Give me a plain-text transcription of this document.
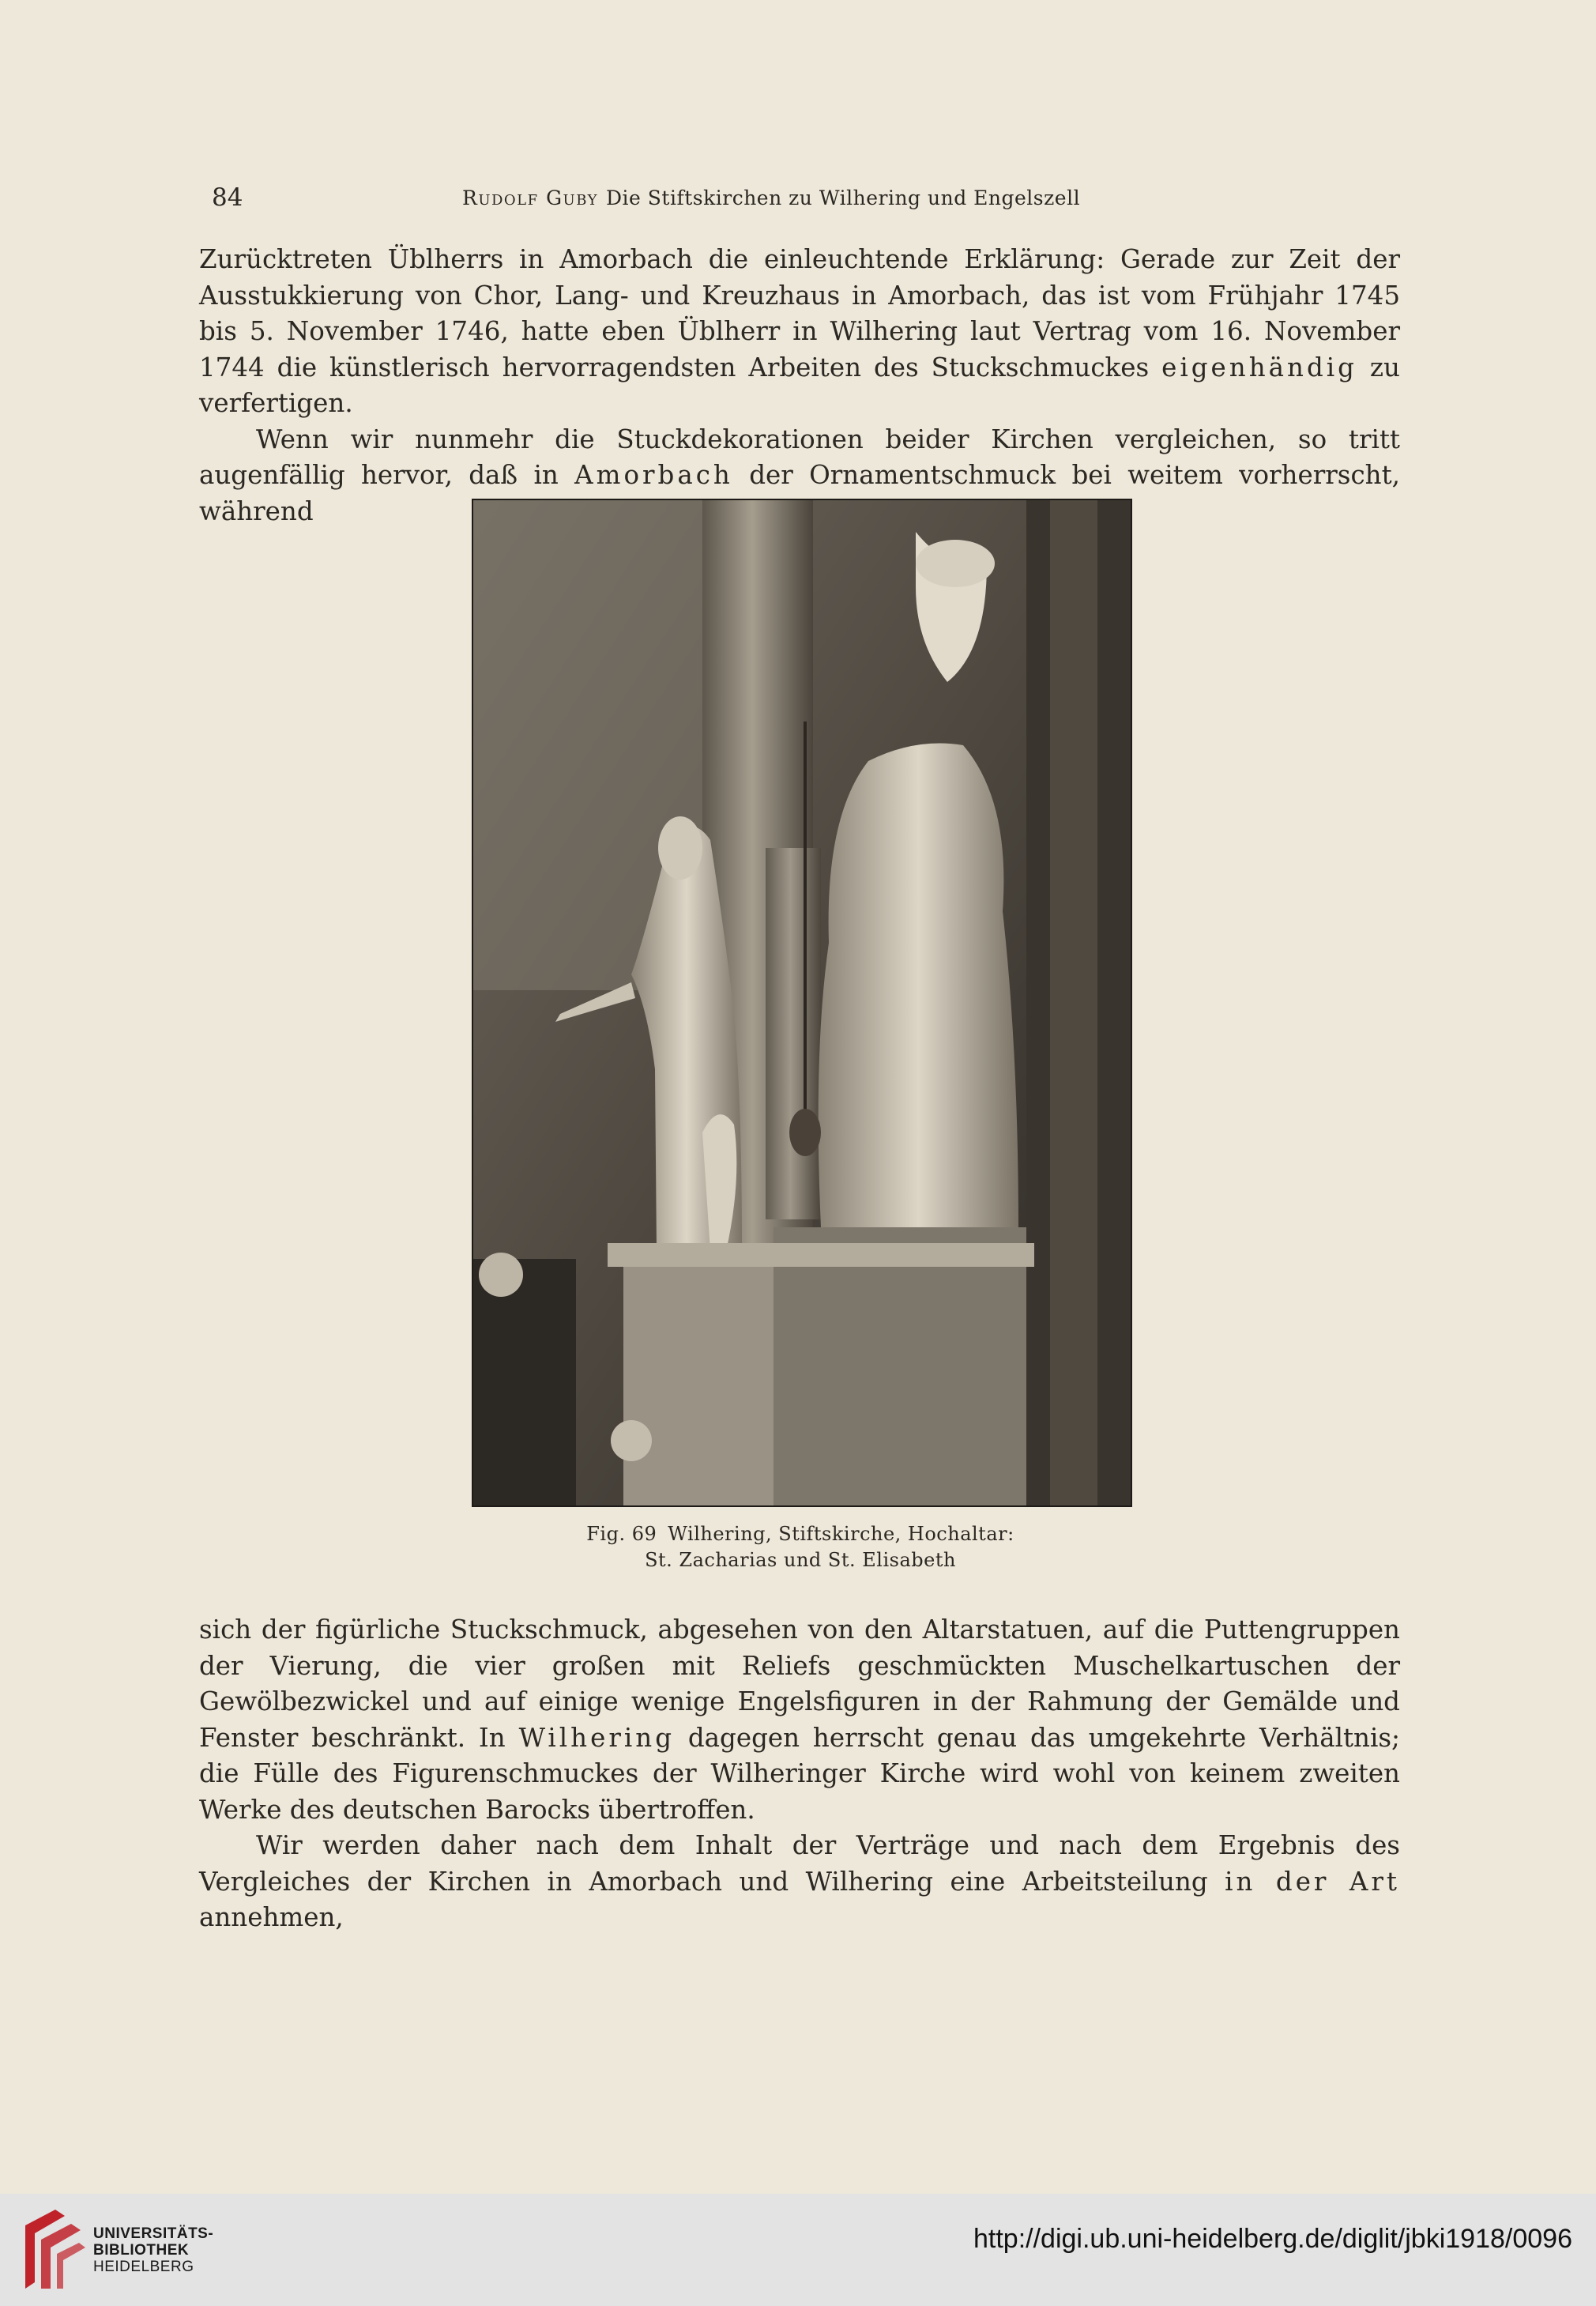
84	Rudolf Guby Die Stiftskirchen zu Wilhering und Engelszell

Zurücktreten Üblherrs in Amorbach die einleuchtende Erklärung: Gerade zur Zeit der Ausstukkierung von Chor, Lang- und Kreuzhaus in Amorbach, das ist vom Frühjahr 1745 bis 5. November 1746, hatte eben Üblherr in Wilhering laut Vertrag vom 16. November 1744 die künstlerisch hervorragendsten Arbeiten des Stuckschmuckes eigenhändig zu verfertigen.

Wenn wir nunmehr die Stuckdekorationen beider Kirchen vergleichen, so tritt augenfällig hervor, daß in Amorbach der Ornamentschmuck bei weitem vorherrscht, während

Fig. 69 Wilhering, Stiftskirche, Hochaltar:
St. Zacharias und St. Elisabeth

sich der figürliche Stuckschmuck, abgesehen von den Altarstatuen, auf die Puttengruppen der Vierung, die vier großen mit Reliefs geschmückten Muschelkartuschen der Gewölbezwickel und auf einige wenige Engelsfiguren in der Rahmung der Gemälde und Fenster beschränkt. In Wilhering dagegen herrscht genau das umgekehrte Verhältnis; die Fülle des Figurenschmuckes der Wilheringer Kirche wird wohl von keinem zweiten Werke des deutschen Barocks übertroffen.

Wir werden daher nach dem Inhalt der Verträge und nach dem Ergebnis des Vergleiches der Kirchen in Amorbach und Wilhering eine Arbeitsteilung in der Art annehmen,

UNIVERSITÄTS-
BIBLIOTHEK
HEIDELBERG
http://digi.ub.uni-heidelberg.de/diglit/jbki1918/0096
